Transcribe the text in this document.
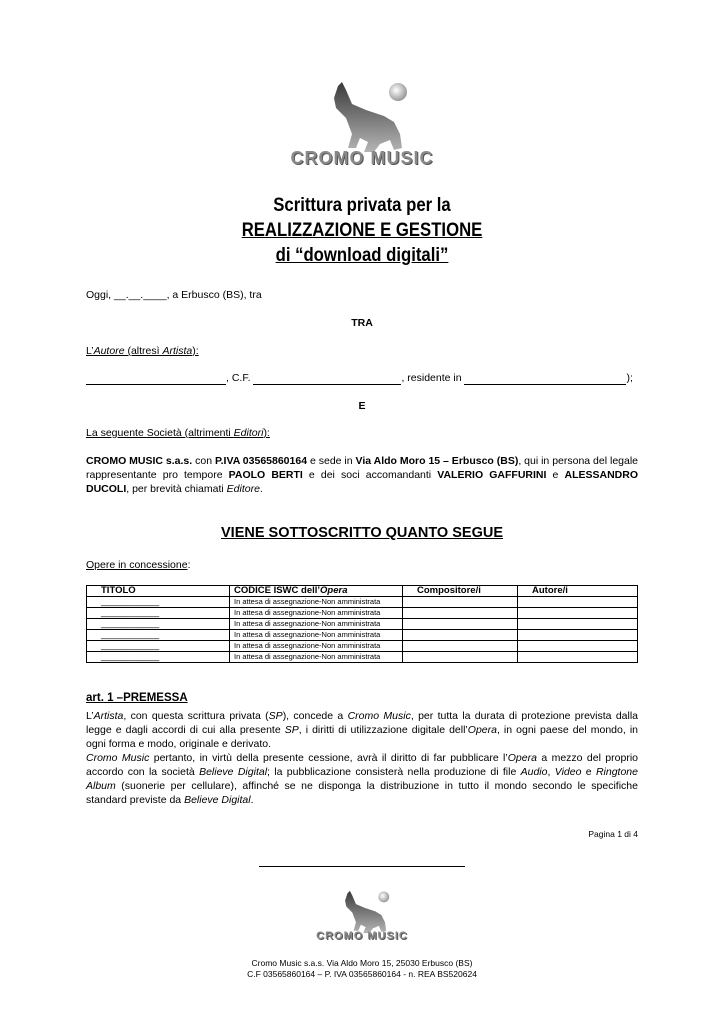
CROMO MUSIC
Scrittura privata per la
REALIZZAZIONE E GESTIONE
di “download digitali”
Oggi, __.__.____, a Erbusco (BS), tra
TRA
L’Autore (altresì Artista):
, C.F.	, residente in	);
E
La seguente Società (altrimenti Editori):
CROMO MUSIC s.a.s. con P.IVA 03565860164 e sede in Via Aldo Moro 15 – Erbusco (BS), qui in persona del legale rappresentante pro tempore PAOLO BERTI e dei soci accomandanti VALERIO GAFFURINI e ALESSANDRO DUCOLI, per brevità chiamati Editore.
VIENE SOTTOSCRITTO QUANTO SEGUE
Opere in concessione:
TITOLO	CODICE ISWC dell’Opera	Compositore/i	Autore/i
___________	In attesa di assegnazione-Non amministrata		
___________	In attesa di assegnazione-Non amministrata		
___________	In attesa di assegnazione-Non amministrata		
___________	In attesa di assegnazione-Non amministrata		
___________	In attesa di assegnazione-Non amministrata		
___________	In attesa di assegnazione-Non amministrata		
art. 1 –PREMESSA
L’Artista, con questa scrittura privata (SP), concede a Cromo Music, per tutta la durata di protezione prevista dalla legge e dagli accordi di cui alla presente SP, i diritti di utilizzazione digitale dell’Opera, in ogni paese del mondo, in ogni forma e modo, originale e derivato.
Cromo Music pertanto, in virtù della presente cessione, avrà il diritto di far pubblicare l’Opera a mezzo del proprio accordo con la società Believe Digital; la pubblicazione consisterà nella produzione di file Audio, Video e Ringtone Album (suonerie per cellulare), affinché se ne disponga la distribuzione in tutto il mondo secondo le specifiche standard previste da Believe Digital.
Pagina 1 di 4
CROMO MUSIC
Cromo Music s.a.s. Via Aldo Moro 15, 25030 Erbusco (BS)
C.F 03565860164 – P. IVA 03565860164 - n. REA BS520624
